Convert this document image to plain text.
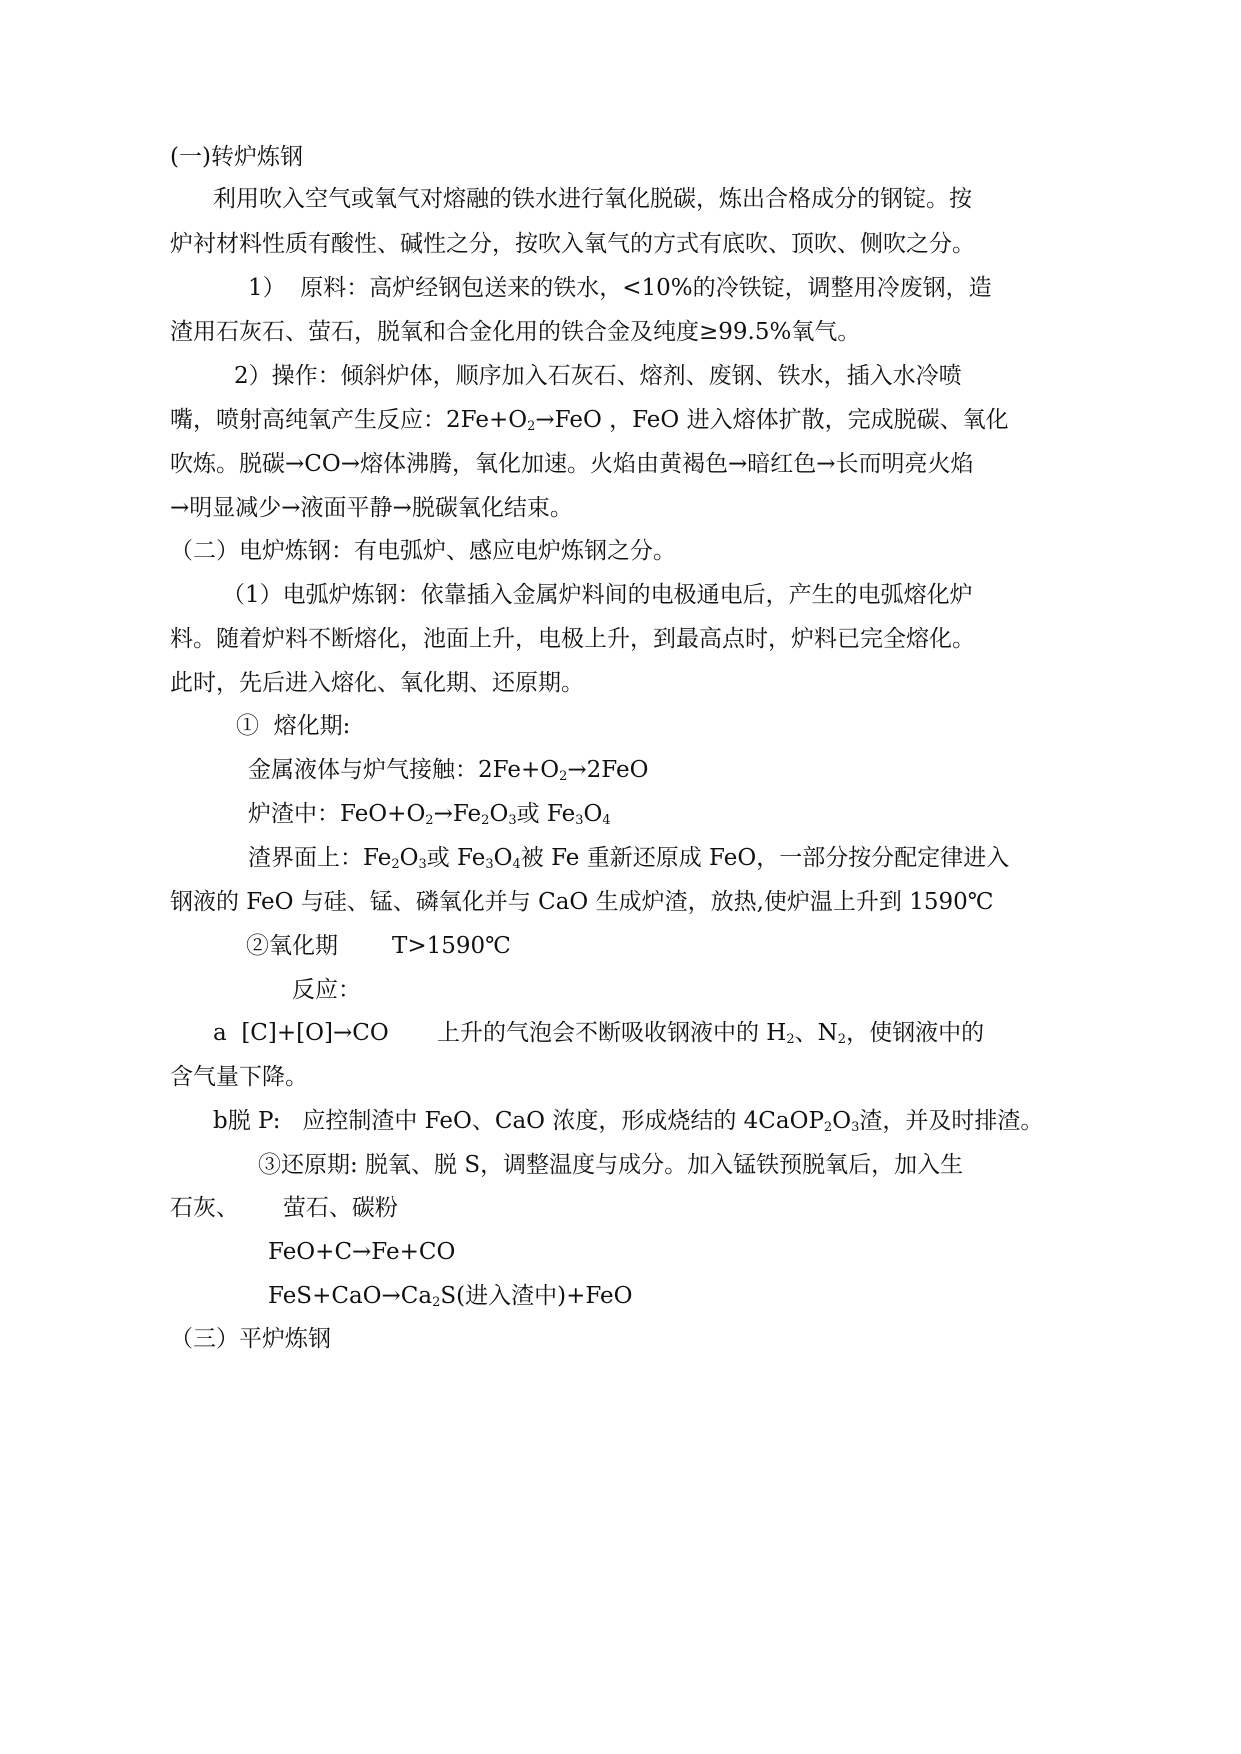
(一)转炉炼钢
利用吹入空气或氧气对熔融的铁水进行氧化脱碳，炼出合格成分的钢锭。按
炉衬材料性质有酸性、碱性之分，按吹入氧气的方式有底吹、顶吹、侧吹之分。
1）  原料：高炉经钢包送来的铁水，<10%的冷铁锭，调整用冷废钢，造
渣用石灰石、萤石，脱氧和合金化用的铁合金及纯度≥99.5%氧气。
2）操作：倾斜炉体，顺序加入石灰石、熔剂、废钢、铁水，插入水冷喷
嘴，喷射高纯氧产生反应：$2Fe+O_2\to FeO$ ，FeO 进入熔体扩散，完成脱碳、氧化
吹炼。脱碳→CO→熔体沸腾，氧化加速。火焰由黄褐色→暗红色→长而明亮火焰
→明显减少→液面平静→脱碳氧化结束。
（二）电炉炼钢：有电弧炉、感应电炉炼钢之分。
（1）电弧炉炼钢：依靠插入金属炉料间的电极通电后，产生的电弧熔化炉
料。随着炉料不断熔化，池面上升，电极上升，到最高点时，炉料已完全熔化。
此时，先后进入熔化、氧化期、还原期。
①  熔化期:
金属液体与炉气接触：$2Fe+O_2\to 2FeO$
炉渣中：$FeO+O_2\to Fe_2O_3$或 $Fe_3O_4$
渣界面上：$Fe_2O_3$或 $Fe_3O_4$被 Fe 重新还原成 FeO，一部分按分配定律进入
钢液的 FeO 与硅、锰、磷氧化并与 CaO 生成炉渣，放热,使炉温上升到 1590℃
②氧化期 T>1590℃
反应：
a  [C]+[O]→CO 上升的气泡会不断吸收钢液中的 $H_2$、$N_2$，使钢液中的
含气量下降。
b脱 P:   应控制渣中 FeO、CaO 浓度，形成烧结的 $4CaOP_2O_3$渣，并及时排渣。
③还原期: 脱氧、脱 S，调整温度与成分。加入锰铁预脱氧后，加入生
石灰、      萤石、碳粉
FeO+C→Fe+CO
$FeS+CaO\to Ca_2S$(进入渣中)+FeO
（三）平炉炼钢
